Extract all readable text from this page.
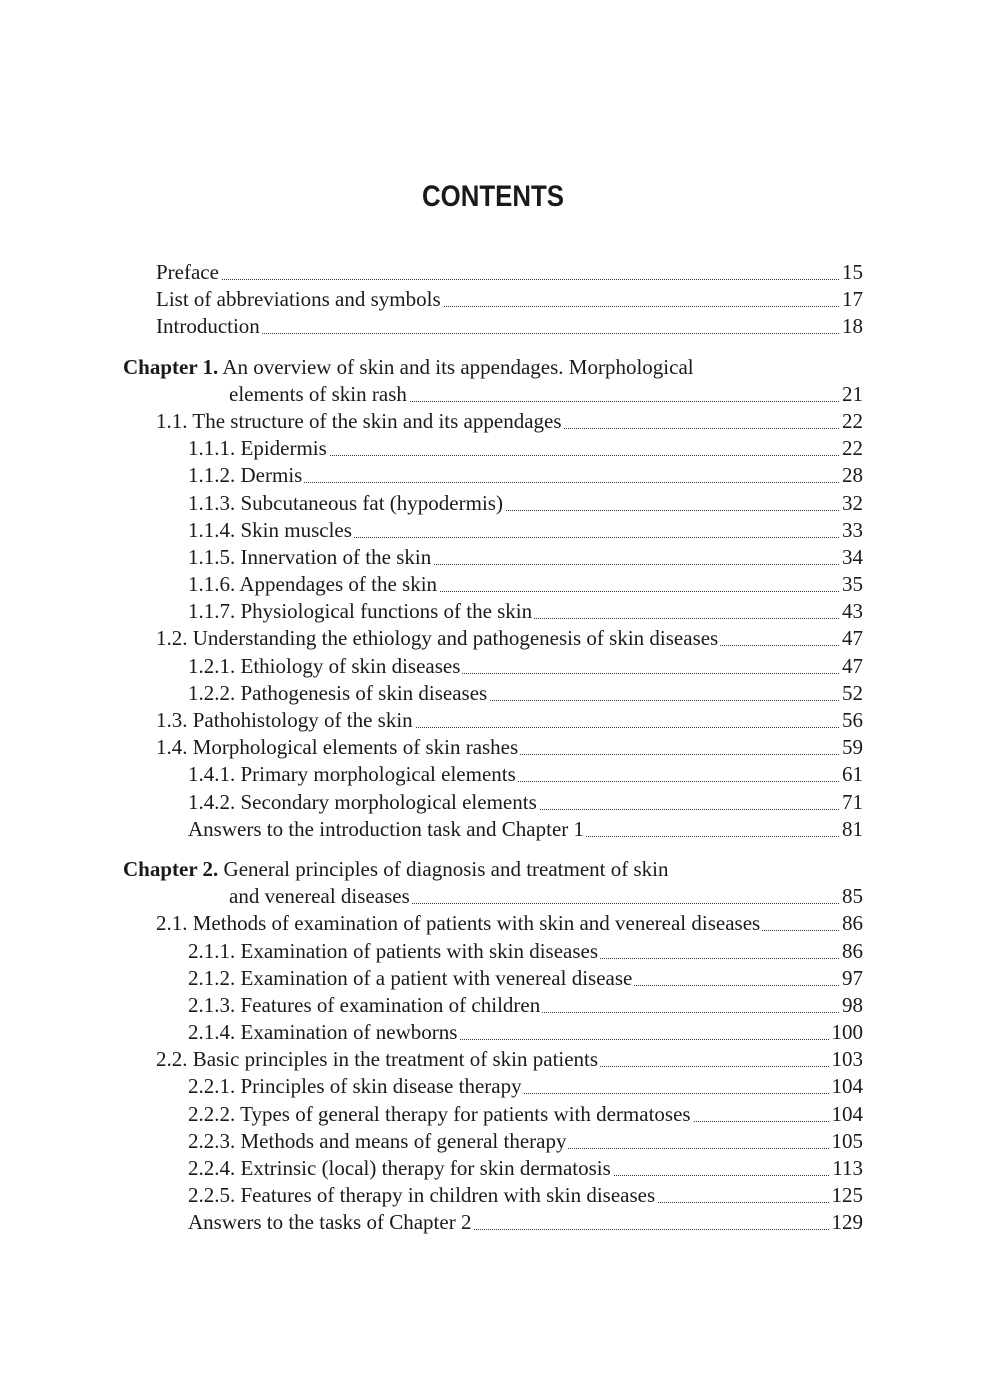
CONTENTS
Preface	15
List of abbreviations and symbols	17
Introduction	18
Chapter 1. An overview of skin and its appendages. Morphological
elements of skin rash	21
1.1. The structure of the skin and its appendages	22
1.1.1. Epidermis	22
1.1.2. Dermis	28
1.1.3. Subcutaneous fat (hypodermis)	32
1.1.4. Skin muscles	33
1.1.5. Innervation of the skin	34
1.1.6. Appendages of the skin	35
1.1.7. Physiological functions of the skin	43
1.2. Understanding the ethiology and pathogenesis of skin diseases	47
1.2.1. Ethiology of skin diseases	47
1.2.2. Pathogenesis of skin diseases	52
1.3. Pathohistology of the skin	56
1.4. Morphological elements of skin rashes	59
1.4.1. Primary morphological elements	61
1.4.2. Secondary morphological elements	71
Answers to the introduction task and Chapter 1	81
Chapter 2. General principles of diagnosis and treatment of skin
and venereal diseases	85
2.1. Methods of examination of patients with skin and venereal diseases	86
2.1.1. Examination of patients with skin diseases	86
2.1.2. Examination of a patient with venereal disease	97
2.1.3. Features of examination of children	98
2.1.4. Examination of newborns	100
2.2. Basic principles in the treatment of skin patients	103
2.2.1. Principles of skin disease therapy	104
2.2.2. Types of general therapy for patients with dermatoses	104
2.2.3. Methods and means of general therapy	105
2.2.4. Extrinsic (local) therapy for skin dermatosis	113
2.2.5. Features of therapy in children with skin diseases	125
Answers to the tasks of Chapter 2	129
